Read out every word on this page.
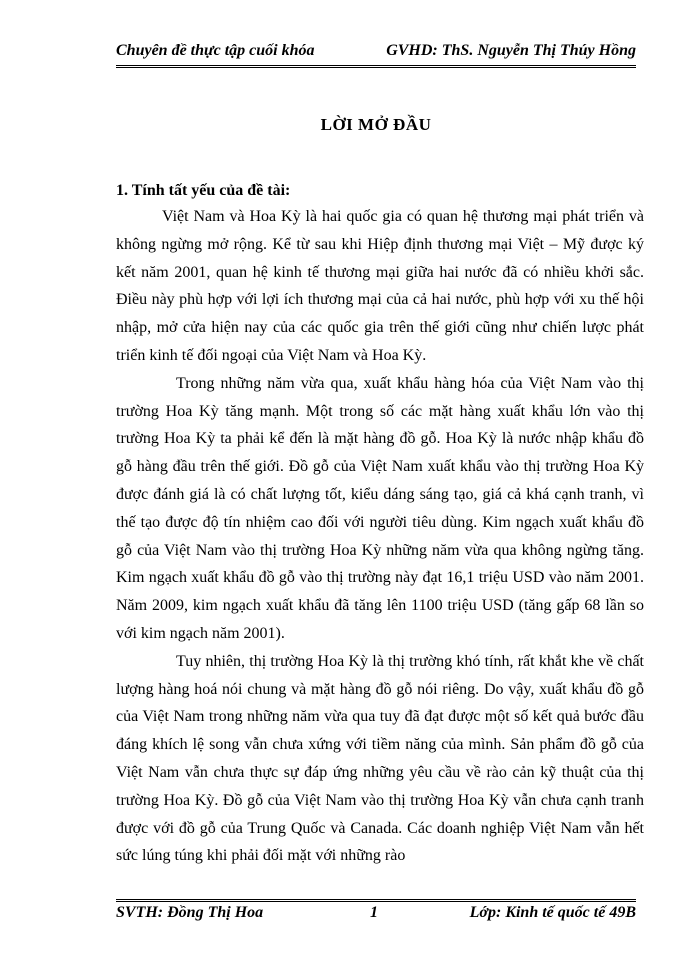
Chuyên đề thực tập cuối khóa	GVHD: ThS. Nguyễn Thị Thúy Hồng
LỜI MỞ ĐẦU
1. Tính tất yếu của đề tài:

Việt Nam và Hoa Kỳ là hai quốc gia có quan hệ thương mại phát triển và không ngừng mở rộng. Kể từ sau khi Hiệp định thương mại Việt – Mỹ được ký kết năm 2001, quan hệ kinh tế thương mại giữa hai nước đã có nhiều khởi sắc. Điều này phù hợp với lợi ích thương mại của cả hai nước, phù hợp với xu thế hội nhập, mở cửa hiện nay của các quốc gia trên thế giới cũng như chiến lược phát triển kinh tế đối ngoại của Việt Nam và Hoa Kỳ.

Trong những năm vừa qua, xuất khẩu hàng hóa của Việt Nam vào thị trường Hoa Kỳ tăng mạnh. Một trong số các mặt hàng xuất khẩu lớn vào thị trường Hoa Kỳ ta phải kể đến là mặt hàng đồ gỗ. Hoa Kỳ là nước nhập khẩu đồ gỗ hàng đầu trên thế giới. Đồ gỗ của Việt Nam xuất khẩu vào thị trường Hoa Kỳ được đánh giá là có chất lượng tốt, kiểu dáng sáng tạo, giá cả khá cạnh tranh, vì thế tạo được độ tín nhiệm cao đối với người tiêu dùng. Kim ngạch xuất khẩu đồ gỗ của Việt Nam vào thị trường Hoa Kỳ những năm vừa qua không ngừng tăng. Kim ngạch xuất khẩu đồ gỗ vào thị trường này đạt 16,1 triệu USD vào năm 2001. Năm 2009, kim ngạch xuất khẩu đã tăng lên 1100 triệu USD (tăng gấp 68 lần so với kim ngạch năm 2001).

Tuy nhiên, thị trường Hoa Kỳ là thị trường khó tính, rất khắt khe về chất lượng hàng hoá nói chung và mặt hàng đồ gỗ nói riêng. Do vậy, xuất khẩu đồ gỗ của Việt Nam trong những năm vừa qua tuy đã đạt được một số kết quả bước đầu đáng khích lệ song vẫn chưa xứng với tiềm năng của mình. Sản phẩm đồ gỗ của Việt Nam vẫn chưa thực sự đáp ứng những yêu cầu về rào cản kỹ thuật của thị trường Hoa Kỳ. Đồ gỗ của Việt Nam vào thị trường Hoa Kỳ vẫn chưa cạnh tranh được với đồ gỗ của Trung Quốc và Canada. Các doanh nghiệp Việt Nam vẫn hết sức lúng túng khi phải đối mặt với những rào

SVTH: Đồng Thị Hoa	1	Lớp: Kinh tế quốc tế 49B
